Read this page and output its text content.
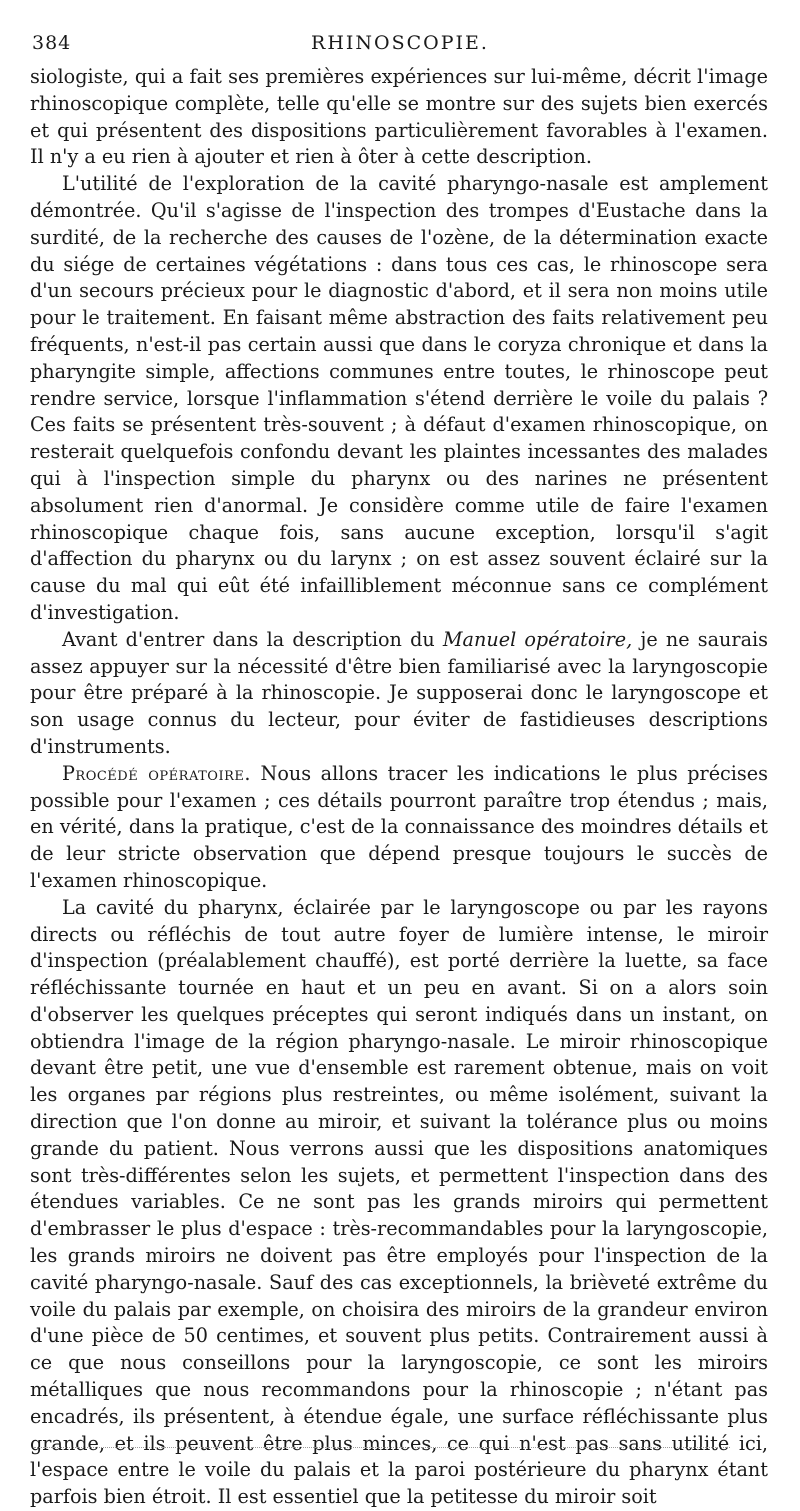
384	RHINOSCOPIE.

siologiste, qui a fait ses premières expériences sur lui-même, décrit l'image rhinoscopique complète, telle qu'elle se montre sur des sujets bien exercés et qui présentent des dispositions particulièrement favorables à l'examen. Il n'y a eu rien à ajouter et rien à ôter à cette description.

L'utilité de l'exploration de la cavité pharyngo-nasale est amplement démontrée. Qu'il s'agisse de l'inspection des trompes d'Eustache dans la surdité, de la recherche des causes de l'ozène, de la détermination exacte du siége de certaines végétations : dans tous ces cas, le rhinoscope sera d'un secours précieux pour le diagnostic d'abord, et il sera non moins utile pour le traitement. En faisant même abstraction des faits relativement peu fréquents, n'est-il pas certain aussi que dans le coryza chronique et dans la pharyngite simple, affections communes entre toutes, le rhinoscope peut rendre service, lorsque l'inflammation s'étend derrière le voile du palais ? Ces faits se présentent très-souvent ; à défaut d'examen rhinoscopique, on resterait quelquefois confondu devant les plaintes incessantes des malades qui à l'inspection simple du pharynx ou des narines ne présentent absolument rien d'anormal. Je considère comme utile de faire l'examen rhinoscopique chaque fois, sans aucune exception, lorsqu'il s'agit d'affection du pharynx ou du larynx ; on est assez souvent éclairé sur la cause du mal qui eût été infailliblement méconnue sans ce complément d'investigation.

Avant d'entrer dans la description du Manuel opératoire, je ne saurais assez appuyer sur la nécessité d'être bien familiarisé avec la laryngoscopie pour être préparé à la rhinoscopie. Je supposerai donc le laryngoscope et son usage connus du lecteur, pour éviter de fastidieuses descriptions d'instruments.

Procédé opératoire. Nous allons tracer les indications le plus précises possible pour l'examen ; ces détails pourront paraître trop étendus ; mais, en vérité, dans la pratique, c'est de la connaissance des moindres détails et de leur stricte observation que dépend presque toujours le succès de l'examen rhinoscopique.

La cavité du pharynx, éclairée par le laryngoscope ou par les rayons directs ou réfléchis de tout autre foyer de lumière intense, le miroir d'inspection (préalablement chauffé), est porté derrière la luette, sa face réfléchissante tournée en haut et un peu en avant. Si on a alors soin d'observer les quelques préceptes qui seront indiqués dans un instant, on obtiendra l'image de la région pharyngo-nasale. Le miroir rhinoscopique devant être petit, une vue d'ensemble est rarement obtenue, mais on voit les organes par régions plus restreintes, ou même isolément, suivant la direction que l'on donne au miroir, et suivant la tolérance plus ou moins grande du patient. Nous verrons aussi que les dispositions anatomiques sont très-différentes selon les sujets, et permettent l'inspection dans des étendues variables. Ce ne sont pas les grands miroirs qui permettent d'embrasser le plus d'espace : très-recommandables pour la laryngoscopie, les grands miroirs ne doivent pas être employés pour l'inspection de la cavité pharyngo-nasale. Sauf des cas exceptionnels, la brièveté extrême du voile du palais par exemple, on choisira des miroirs de la grandeur environ d'une pièce de 50 centimes, et souvent plus petits. Contrairement aussi à ce que nous conseillons pour la laryngoscopie, ce sont les miroirs métalliques que nous recommandons pour la rhinoscopie ; n'étant pas encadrés, ils présentent, à étendue égale, une surface réfléchissante plus grande, et ils peuvent être plus minces, ce qui n'est pas sans utilité ici, l'espace entre le voile du palais et la paroi postérieure du pharynx étant parfois bien étroit. Il est essentiel que la petitesse du miroir soit
